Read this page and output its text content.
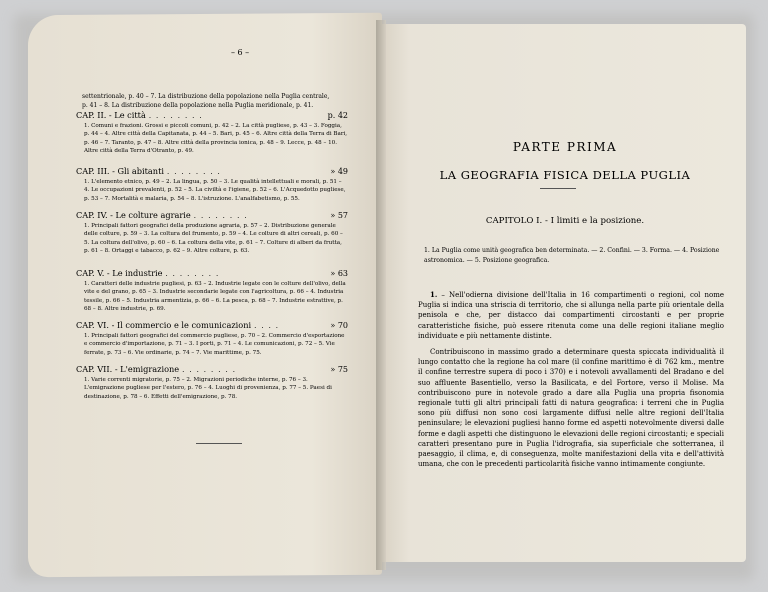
– 6 –
settentrionale, p. 40 – 7. La distribuzione della popolazione nella Puglia centrale, p. 41 – 8. La distribuzione della popolazione nella Puglia meridionale, p. 41.
CAP. II. - Le città ........	p. 42
1. Comuni e frazioni. Grossi e piccoli comuni, p. 42 – 2. La città pugliese, p. 43 – 3. Foggia, p. 44 – 4. Altre città della Capitanata, p. 44 – 5. Bari, p. 45 – 6. Altre città della Terra di Bari, p. 46 – 7. Taranto, p. 47 – 8. Altre città della provincia ionica, p. 48 – 9. Lecce, p. 48 – 10. Altre città della Terra d'Otranto, p. 49.
CAP. III. - Gli abitanti ........	» 49
1. L'elemento etnico, p. 49 – 2. La lingua, p. 50 – 3. Le qualità intellettuali e morali, p. 51 – 4. Le occupazioni prevalenti, p. 52 – 5. La civiltà e l'igiene, p. 52 – 6. L'Acquedotto pugliese, p. 53 – 7. Mortalità e malaria, p. 54 – 8. L'istruzione. L'analfabetismo, p. 55.
CAP. IV. - Le colture agrarie ........	» 57
1. Principali fattori geografici della produzione agraria, p. 57 – 2. Distribuzione generale delle colture, p. 59 – 3. La coltura del frumento, p. 59 – 4. Le colture di altri cereali, p. 60 – 5. La coltura dell'olivo, p. 60 – 6. La coltura della vite, p. 61 – 7. Colture di alberi da frutta, p. 61 – 8. Ortaggi e tabacco, p. 62 – 9. Altre colture, p. 63.
CAP. V. - Le industrie ........	» 63
1. Caratteri delle industrie pugliesi, p. 63 – 2. Industrie legate con le colture dell'olivo, della vite e del grano, p. 65 – 3. Industrie secondarie legate con l'agricoltura, p. 66 – 4. Industria tessile, p. 66 – 5. Industria armentizia, p. 66 – 6. La pesca, p. 68 – 7. Industrie estrattive, p. 68 – 8. Altre industrie, p. 69.
CAP. VI. - Il commercio e le comunicazioni ....	» 70
1. Principali fattori geografici del commercio pugliese, p. 70 – 2. Commercio d'esportazione e commercio d'importazione, p. 71 – 3. I porti, p. 71 – 4. Le comunicazioni, p. 72 – 5. Vie ferrate, p. 73 – 6. Vie ordinarie, p. 74 – 7. Vie marittime, p. 75.
CAP. VII. - L'emigrazione ........	» 75
1. Varie correnti migratorie, p. 75 – 2. Migrazioni periodiche interne, p. 76 – 3. L'emigrazione pugliese per l'estero, p. 76 – 4. Luoghi di provenienza, p. 77 – 5. Paesi di destinazione, p. 78 – 6. Effetti dell'emigrazione, p. 78.
PARTE PRIMA
LA GEOGRAFIA FISICA DELLA PUGLIA
CAPITOLO I. - I limiti e la posizione.
1. La Puglia come unità geografica ben determinata. — 2. Confini. — 3. Forma. — 4. Posizione astronomica. — 5. Posizione geografica.

1. – Nell'odierna divisione dell'Italia in 16 compartimenti o regioni, col nome Puglia si indica una striscia di territorio, che si allunga nella parte più orientale della penisola e che, per distacco dai compartimenti circostanti e per proprie caratteristiche fisiche, può essere ritenuta come una delle regioni italiane meglio individuate e più nettamente distinte.

Contribuiscono in massimo grado a determinare questa spiccata individualità il lungo contatto che la regione ha col mare (il confine marittimo è di 762 km., mentre il confine terrestre supera di poco i 370) e i notevoli avvallamenti del Bradano e del suo affluente Basentiello, verso la Basilicata, e del Fortore, verso il Molise. Ma contribuiscono pure in notevole grado a dare alla Puglia una propria fisonomia regionale tutti gli altri principali fatti di natura geografica: i terreni che in Puglia sono più diffusi non sono cosi largamente diffusi nelle altre regioni dell'Italia peninsulare; le elevazioni pugliesi hanno forme ed aspetti notevolmente diversi dalle forme e dagli aspetti che distinguono le elevazioni delle regioni circostanti; e speciali caratteri presentano pure in Puglia l'idrografia, sia superficiale che sotterranea, il paesaggio, il clima, e, di conseguenza, molte manifestazioni della vita e dell'attività umana, che con le precedenti particolarità fisiche vanno intimamente congiunte.
